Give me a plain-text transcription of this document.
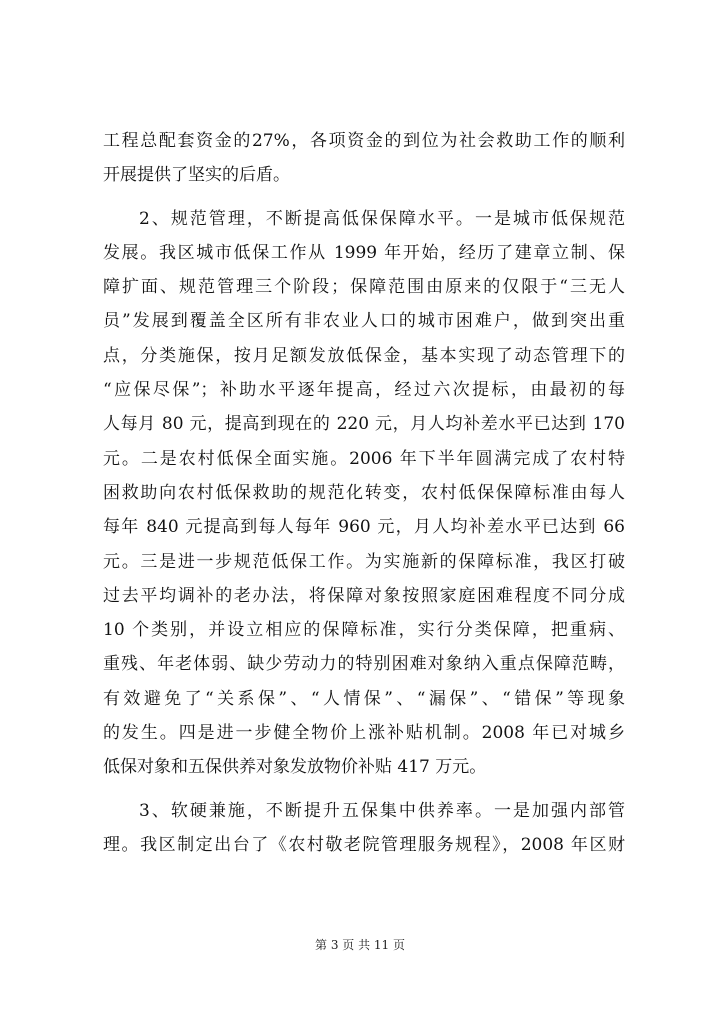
工程总配套资金的27%，各项资金的到位为社会救助工作的顺利
开展提供了坚实的后盾。
2、规范管理，不断提高低保保障水平。一是城市低保规范
发展。我区城市低保工作从 1999 年开始，经历了建章立制、保
障扩面、规范管理三个阶段；保障范围由原来的仅限于“三无人
员”发展到覆盖全区所有非农业人口的城市困难户，做到突出重
点，分类施保，按月足额发放低保金，基本实现了动态管理下的
“应保尽保”；补助水平逐年提高，经过六次提标，由最初的每
人每月 80 元，提高到现在的 220 元，月人均补差水平已达到 170
元。二是农村低保全面实施。2006 年下半年圆满完成了农村特
困救助向农村低保救助的规范化转变，农村低保保障标准由每人
每年 840 元提高到每人每年 960 元，月人均补差水平已达到 66
元。三是进一步规范低保工作。为实施新的保障标准，我区打破
过去平均调补的老办法，将保障对象按照家庭困难程度不同分成
10 个类别，并设立相应的保障标准，实行分类保障，把重病、
重残、年老体弱、缺少劳动力的特别困难对象纳入重点保障范畴，
有效避免了“关系保”、“人情保”、“漏保”、“错保”等现象
的发生。四是进一步健全物价上涨补贴机制。2008 年已对城乡
低保对象和五保供养对象发放物价补贴 417 万元。
3、软硬兼施，不断提升五保集中供养率。一是加强内部管
理。我区制定出台了《农村敬老院管理服务规程》，2008 年区财
第 3 页 共 11 页
